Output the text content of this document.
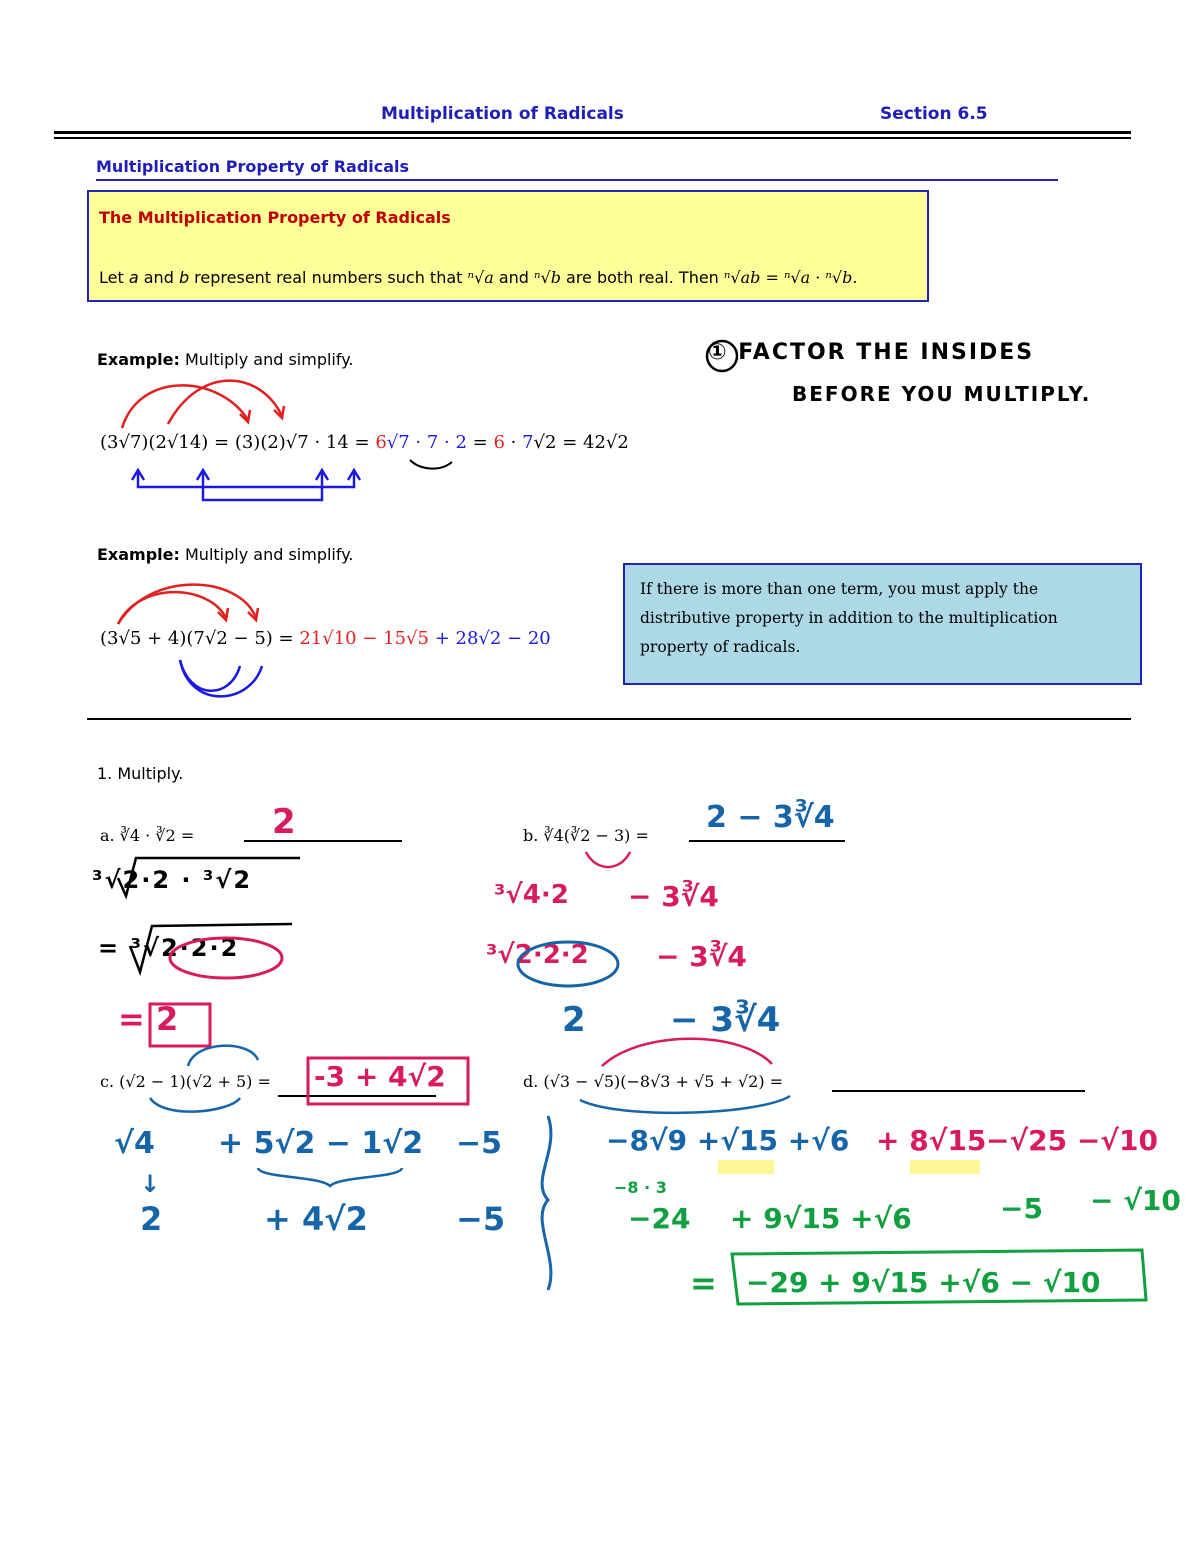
Multiplication of Radicals	Section 6.5
Multiplication Property of Radicals
The Multiplication Property of Radicals
Let a and b represent real numbers such that ⁿ√a and ⁿ√b are both real. Then ⁿ√ab = ⁿ√a · ⁿ√b.
Example: Multiply and simplify.
(3√7)(2√14) = (3)(2)√7 · 14 = 6√7 · 7 · 2 = 6 · 7√2 = 42√2
① FACTOR THE INSIDES
BEFORE YOU MULTIPLY.
Example: Multiply and simplify.
(3√5 + 4)(7√2 − 5) = 21√10 − 15√5 + 28√2 − 20
If there is more than one term, you must apply the distributive property in addition to the multiplication property of radicals.
1. Multiply.
a. ∛4 · ∛2 = 2
³√2·2 · ³√2
= ³√2·2·2
= 2
b. ∛4(∛2 − 3) =
2 − 3∛4
³√4·2 − 3∛4
³√2·2·2 − 3∛4
2 − 3∛4
c. (√2 − 1)(√2 + 5) = -3 + 4√2
√4 + 5√2 − 1√2 −5
↓
2	+ 4√2	−5
d. (√3 − √5)(−8√3 + √5 + √2) =
−8√9 +√15 +√6 + 8√15 −√25 −√10
−8 · 3
−24 + 9√15 +√6	−5 − √10
= −29 + 9√15 +√6 − √10
